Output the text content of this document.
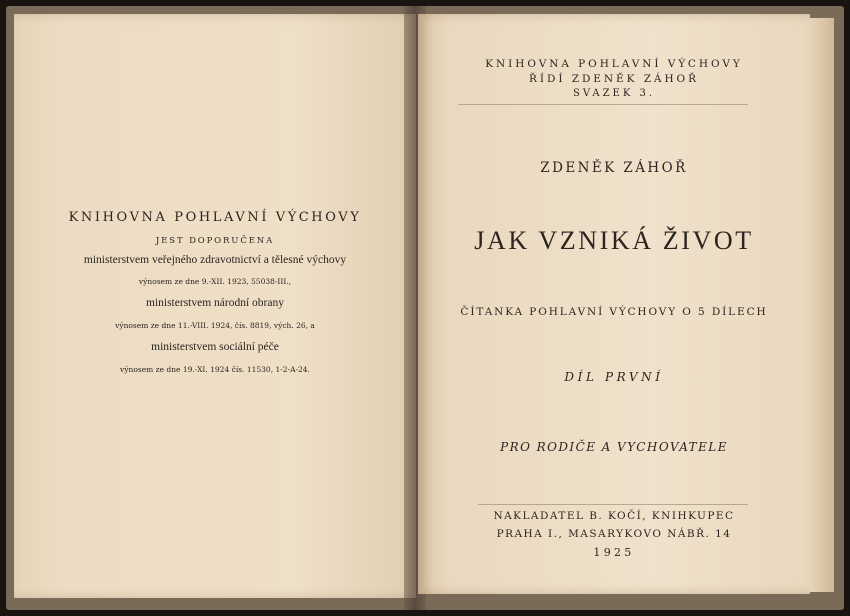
KNIHOVNA POHLAVNÍ VÝCHOVY
JEST DOPORUČENA
ministerstvem veřejného zdravotnictví a tělesné výchovy
výnosem ze dne 9.-XII. 1923, 55038-III.,
ministerstvem národní obrany
výnosem ze dne 11.-VIII. 1924, čís. 8819, vých. 26, a
ministerstvem sociální péče
výnosem ze dne 19.-XI. 1924 čís. 11530, 1-2-A-24.
KNIHOVNA POHLAVNÍ VÝCHOVY
ŘÍDÍ ZDENĚK ZÁHOŘ
SVAZEK 3.
ZDENĚK ZÁHOŘ
JAK VZNIKÁ ŽIVOT
ČÍTANKA POHLAVNÍ VÝCHOVY O 5 DÍLECH
DÍL PRVNÍ
PRO RODIČE A VYCHOVATELE
NAKLADATEL B. KOČÍ, KNIHKUPEC
PRAHA I., MASARYKOVO NÁBŘ. 14
1925
